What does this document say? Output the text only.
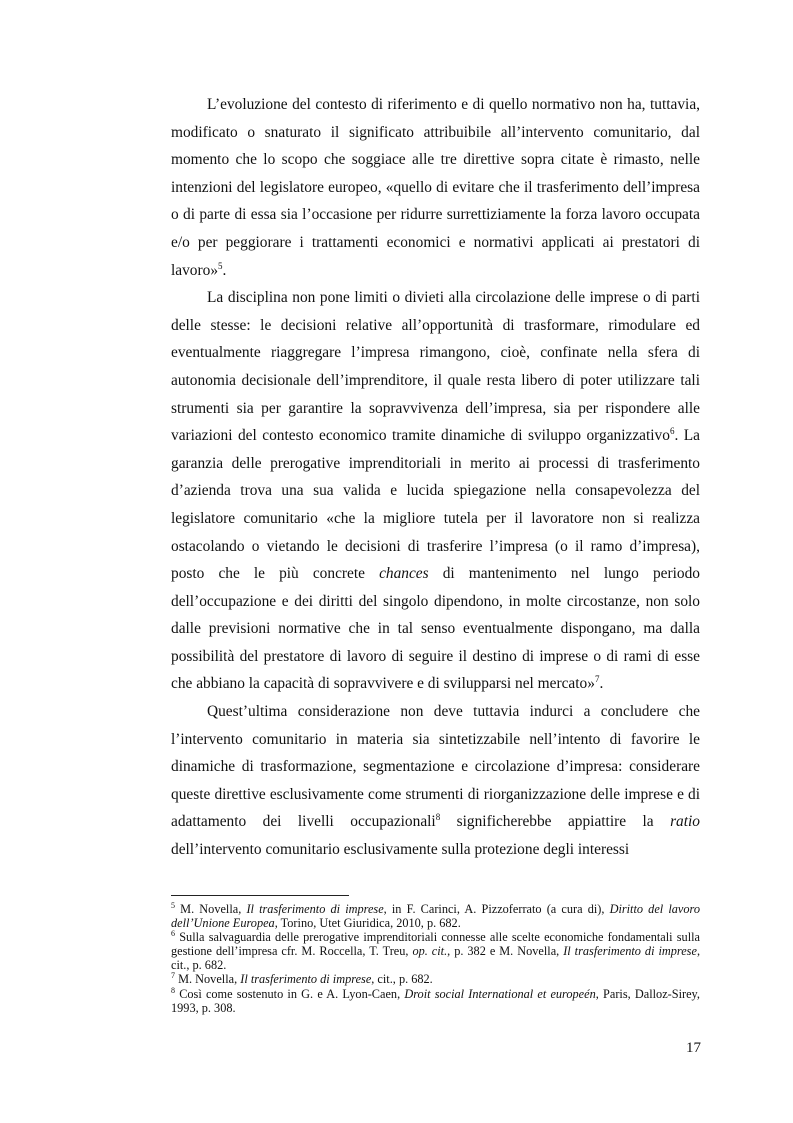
L’evoluzione del contesto di riferimento e di quello normativo non ha, tuttavia, modificato o snaturato il significato attribuibile all’intervento comunitario, dal momento che lo scopo che soggiace alle tre direttive sopra citate è rimasto, nelle intenzioni del legislatore europeo, «quello di evitare che il trasferimento dell’impresa o di parte di essa sia l’occasione per ridurre surrettiziamente la forza lavoro occupata e/o per peggiorare i trattamenti economici e normativi applicati ai prestatori di lavoro»$^5$.

La disciplina non pone limiti o divieti alla circolazione delle imprese o di parti delle stesse: le decisioni relative all’opportunità di trasformare, rimodulare ed eventualmente riaggregare l’impresa rimangono, cioè, confinate nella sfera di autonomia decisionale dell’imprenditore, il quale resta libero di poter utilizzare tali strumenti sia per garantire la sopravvivenza dell’impresa, sia per rispondere alle variazioni del contesto economico tramite dinamiche di sviluppo organizzativo$^6$. La garanzia delle prerogative imprenditoriali in merito ai processi di trasferimento d’azienda trova una sua valida e lucida spiegazione nella consapevolezza del legislatore comunitario «che la migliore tutela per il lavoratore non si realizza ostacolando o vietando le decisioni di trasferire l’impresa (o il ramo d’impresa), posto che le più concrete chances di mantenimento nel lungo periodo dell’occupazione e dei diritti del singolo dipendono, in molte circostanze, non solo dalle previsioni normative che in tal senso eventualmente dispongano, ma dalla possibilità del prestatore di lavoro di seguire il destino di imprese o di rami di esse che abbiano la capacità di sopravvivere e di svilupparsi nel mercato»$^7$.

Quest’ultima considerazione non deve tuttavia indurci a concludere che l’intervento comunitario in materia sia sintetizzabile nell’intento di favorire le dinamiche di trasformazione, segmentazione e circolazione d’impresa: considerare queste direttive esclusivamente come strumenti di riorganizzazione delle imprese e di adattamento dei livelli occupazionali$^8$ significherebbe appiattire la ratio dell’intervento comunitario esclusivamente sulla protezione degli interessi

$^5$ M. Novella, Il trasferimento di imprese, in F. Carinci, A. Pizzoferrato (a cura di), Diritto del lavoro dell’Unione Europea, Torino, Utet Giuridica, 2010, p. 682.

$^6$ Sulla salvaguardia delle prerogative imprenditoriali connesse alle scelte economiche fondamentali sulla gestione dell’impresa cfr. M. Roccella, T. Treu, op. cit., p. 382 e M. Novella, Il trasferimento di imprese, cit., p. 682.

$^7$ M. Novella, Il trasferimento di imprese, cit., p. 682.

$^8$ Così come sostenuto in G. e A. Lyon-Caen, Droit social International et europeén, Paris, Dalloz-Sirey, 1993, p. 308.

17
